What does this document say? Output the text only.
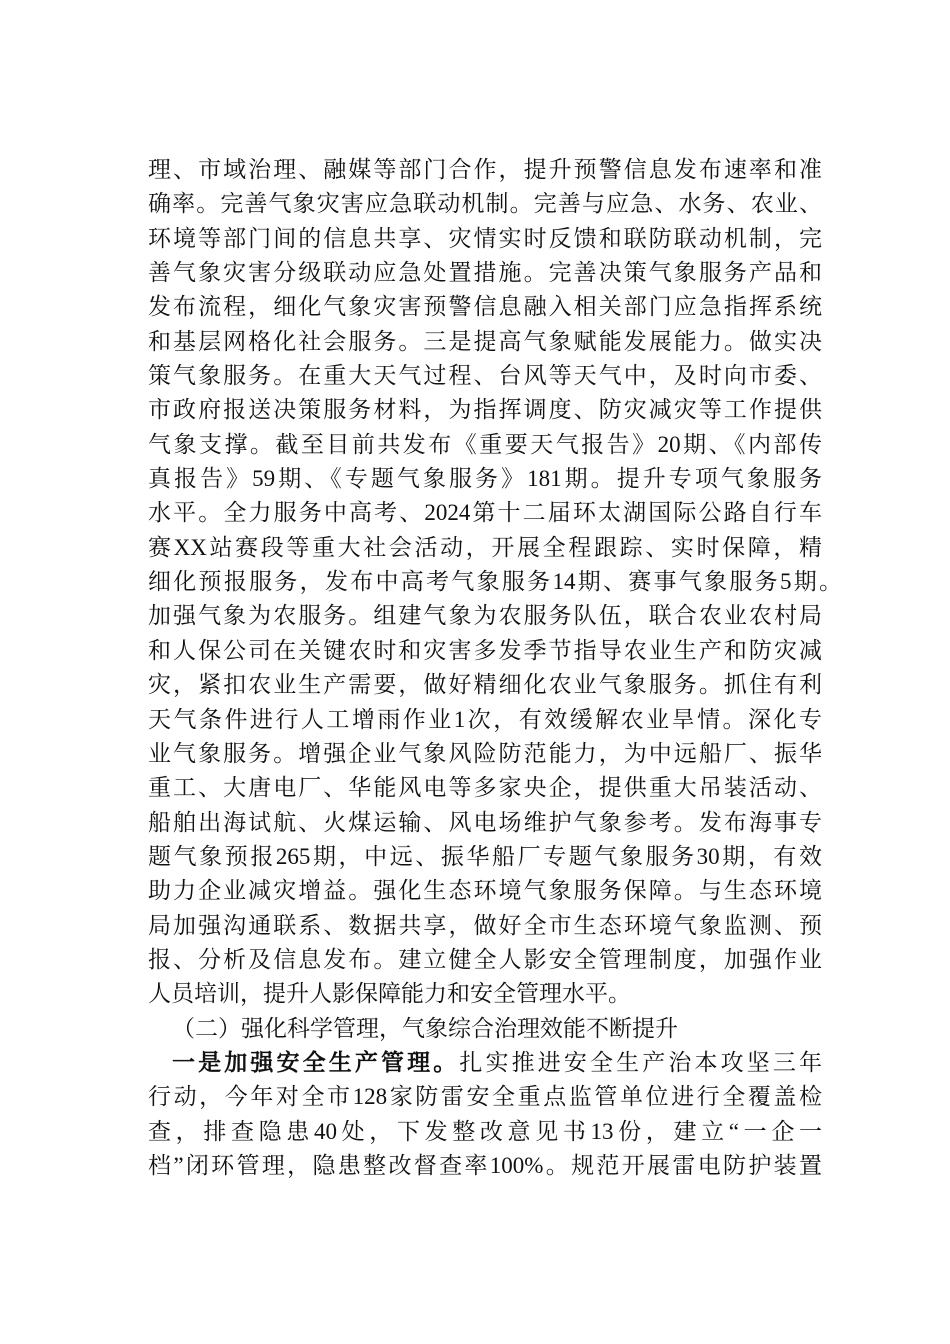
理、市域治理、融媒等部门合作，提升预警信息发布速率和准
确率。完善气象灾害应急联动机制。完善与应急、水务、农业、
环境等部门间的信息共享、灾情实时反馈和联防联动机制，完
善气象灾害分级联动应急处置措施。完善决策气象服务产品和
发布流程，细化气象灾害预警信息融入相关部门应急指挥系统
和基层网格化社会服务。三是提高气象赋能发展能力。做实决
策气象服务。在重大天气过程、台风等天气中，及时向市委、
市政府报送决策服务材料，为指挥调度、防灾减灾等工作提供
气象支撑。截至目前共发布《重要天气报告》20期、《内部传
真报告》59期、《专题气象服务》181期。提升专项气象服务
水平。全力服务中高考、2024第十二届环太湖国际公路自行车
赛XX站赛段等重大社会活动，开展全程跟踪、实时保障，精
细化预报服务，发布中高考气象服务14期、赛事气象服务5期。
加强气象为农服务。组建气象为农服务队伍，联合农业农村局
和人保公司在关键农时和灾害多发季节指导农业生产和防灾减
灾，紧扣农业生产需要，做好精细化农业气象服务。抓住有利
天气条件进行人工增雨作业1次，有效缓解农业旱情。深化专
业气象服务。增强企业气象风险防范能力，为中远船厂、振华
重工、大唐电厂、华能风电等多家央企，提供重大吊装活动、
船舶出海试航、火煤运输、风电场维护气象参考。发布海事专
题气象预报265期，中远、振华船厂专题气象服务30期，有效
助力企业减灾增益。强化生态环境气象服务保障。与生态环境
局加强沟通联系、数据共享，做好全市生态环境气象监测、预
报、分析及信息发布。建立健全人影安全管理制度，加强作业
人员培训，提升人影保障能力和安全管理水平。
（二）强化科学管理，气象综合治理效能不断提升
一是加强安全生产管理。扎实推进安全生产治本攻坚三年
行动，今年对全市128家防雷安全重点监管单位进行全覆盖检
查，排查隐患40处，下发整改意见书13份，建立“一企一
档”闭环管理，隐患整改督查率100%。规范开展雷电防护装置
